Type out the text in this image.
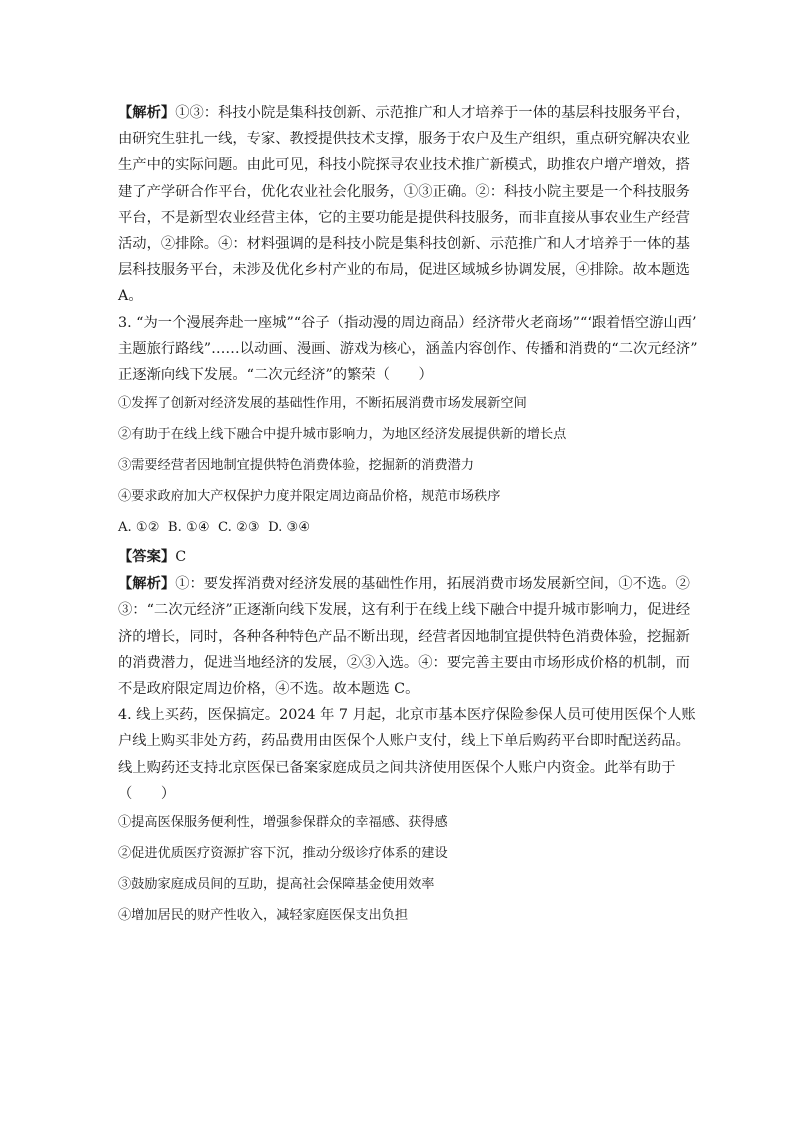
【解析】①③：科技小院是集科技创新、示范推广和人才培养于一体的基层科技服务平台，

由研究生驻扎一线，专家、教授提供技术支撑，服务于农户及生产组织，重点研究解决农业

生产中的实际问题。由此可见，科技小院探寻农业技术推广新模式，助推农户增产增效，搭

建了产学研合作平台，优化农业社会化服务，①③正确。②：科技小院主要是一个科技服务

平台，不是新型农业经营主体，它的主要功能是提供科技服务，而非直接从事农业生产经营

活动，②排除。④：材料强调的是科技小院是集科技创新、示范推广和人才培养于一体的基

层科技服务平台，未涉及优化乡村产业的布局，促进区域城乡协调发展，④排除。故本题选

A。

3. “为一个漫展奔赴一座城”“谷子（指动漫的周边商品）经济带火老商场”“‘跟着悟空游山西’

主题旅行路线”……以动画、漫画、游戏为核心，涵盖内容创作、传播和消费的“二次元经济”

正逐渐向线下发展。“二次元经济”的繁荣（　　）

①发挥了创新对经济发展的基础性作用，不断拓展消费市场发展新空间

②有助于在线上线下融合中提升城市影响力，为地区经济发展提供新的增长点

③需要经营者因地制宜提供特色消费体验，挖掘新的消费潜力

④要求政府加大产权保护力度并限定周边商品价格，规范市场秩序

A. ①②  B. ①④  C. ②③  D. ③④

【答案】C

【解析】①：要发挥消费对经济发展的基础性作用，拓展消费市场发展新空间，①不选。②

③：“二次元经济”正逐渐向线下发展，这有利于在线上线下融合中提升城市影响力，促进经

济的增长，同时，各种各种特色产品不断出现，经营者因地制宜提供特色消费体验，挖掘新

的消费潜力，促进当地经济的发展，②③入选。④：要完善主要由市场形成价格的机制，而

不是政府限定周边价格，④不选。故本题选 C。

4. 线上买药，医保搞定。2024 年 7 月起，北京市基本医疗保险参保人员可使用医保个人账

户线上购买非处方药，药品费用由医保个人账户支付，线上下单后购药平台即时配送药品。

线上购药还支持北京医保已备案家庭成员之间共济使用医保个人账户内资金。此举有助于

（　　）

①提高医保服务便利性，增强参保群众的幸福感、获得感

②促进优质医疗资源扩容下沉，推动分级诊疗体系的建设

③鼓励家庭成员间的互助，提高社会保障基金使用效率

④增加居民的财产性收入，减轻家庭医保支出负担
